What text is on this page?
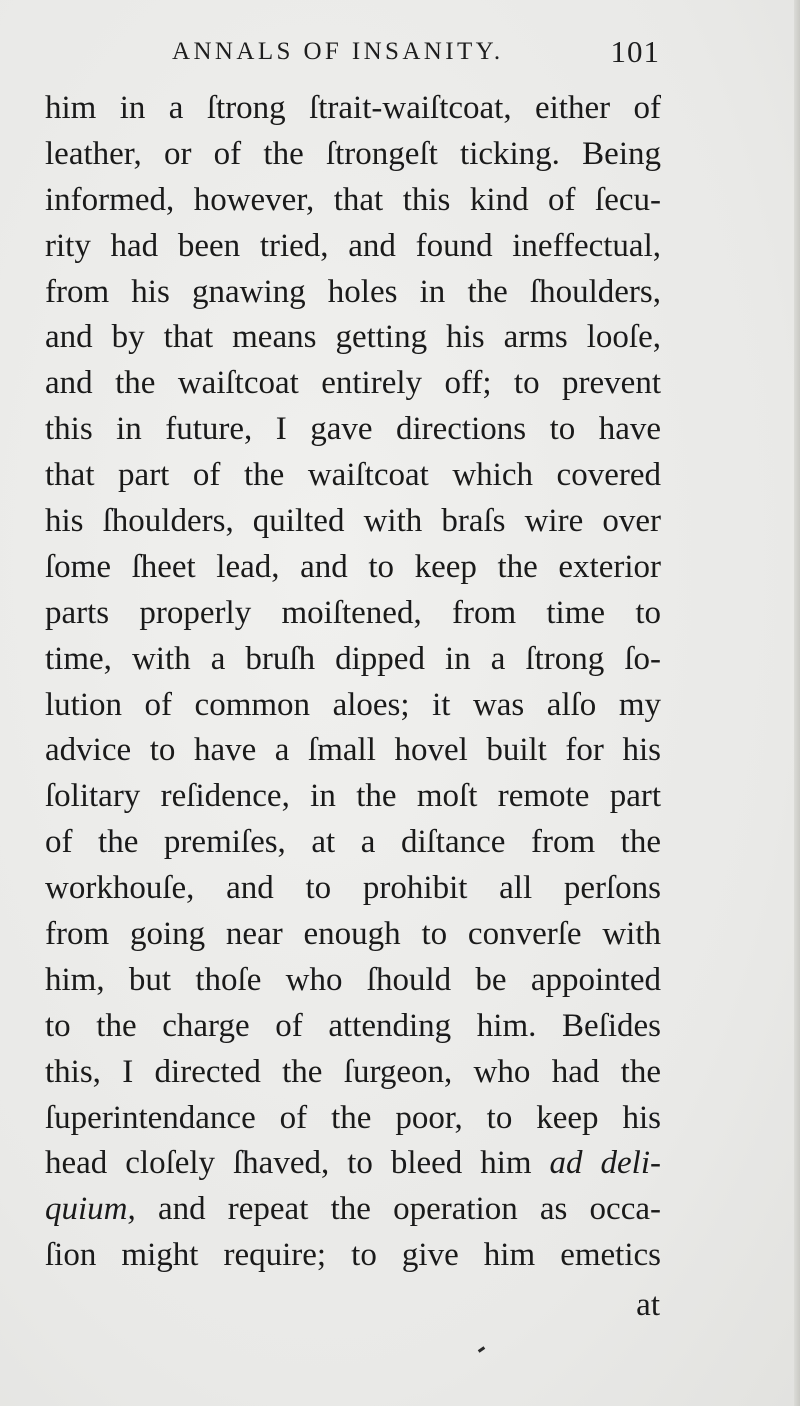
ANNALS OF INSANITY.	101
him in a ſtrong ſtrait-waiſtcoat, either of
leather, or of the ſtrongeſt ticking. Being
informed, however, that this kind of ſecu-
rity had been tried, and found ineffectual,
from his gnawing holes in the ſhoulders,
and by that means getting his arms looſe,
and the waiſtcoat entirely off; to prevent
this in future, I gave directions to have
that part of the waiſtcoat which covered
his ſhoulders, quilted with braſs wire over
ſome ſheet lead, and to keep the exterior
parts properly moiſtened, from time to
time, with a bruſh dipped in a ſtrong ſo-
lution of common aloes; it was alſo my
advice to have a ſmall hovel built for his
ſolitary reſidence, in the moſt remote part
of the premiſes, at a diſtance from the
workhouſe, and to prohibit all perſons
from going near enough to converſe with
him, but thoſe who ſhould be appointed
to the charge of attending him. Beſides
this, I directed the ſurgeon, who had the
ſuperintendance of the poor, to keep his
head cloſely ſhaved, to bleed him ad deli-
quium, and repeat the operation as occa-
ſion might require; to give him emetics
at
